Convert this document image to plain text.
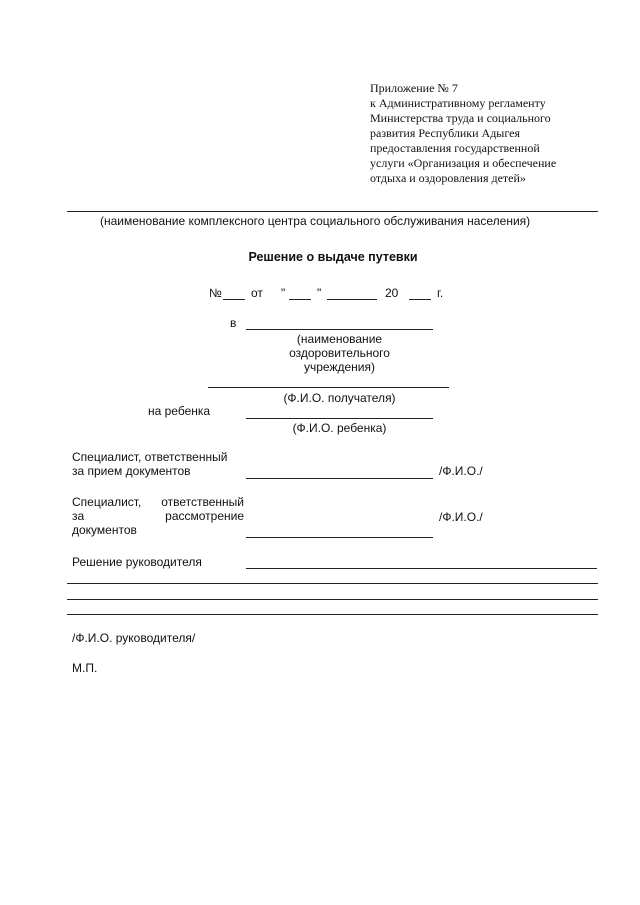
Приложение № 7
к Административному регламенту
Министерства труда и социального
развития Республики Адыгея
предоставления государственной
услуги «Организация и обеспечение
отдыха и оздоровления детей»
(наименование комплексного центра социального обслуживания населения)
Решение о выдаче путевки
№ от "	"	20	г.
в
(наименование
оздоровительного
учреждения)
(Ф.И.О. получателя)
на ребенка
(Ф.И.О. ребенка)
Специалист, ответственный
за прием документов	/Ф.И.О./
Специалист, ответственный
за	рассмотрение
документов
/Ф.И.О./
Решение руководителя
/Ф.И.О. руководителя/
М.П.
